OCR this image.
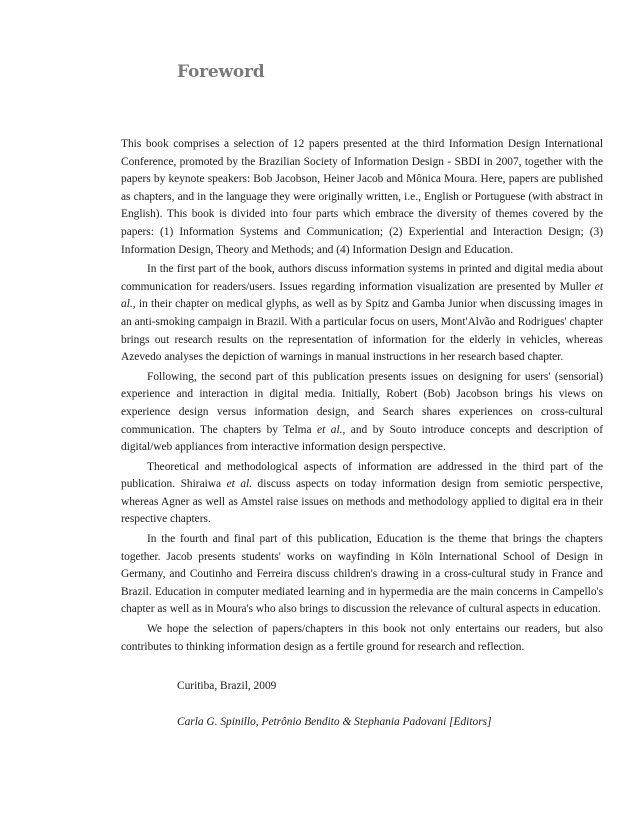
Foreword

This book comprises a selection of 12 papers presented at the third Information Design International Conference, promoted by the Brazilian Society of Information Design - SBDI in 2007, together with the papers by keynote speakers: Bob Jacobson, Heiner Jacob and Mônica Moura. Here, papers are published as chapters, and in the language they were originally written, i.e., English or Portuguese (with abstract in English). This book is divided into four parts which embrace the diversity of themes covered by the papers: (1) Information Systems and Communication; (2) Experiential and Interaction Design; (3) Information Design, Theory and Methods; and (4) Information Design and Education.

In the first part of the book, authors discuss information systems in printed and digital media about communication for readers/users. Issues regarding information visualization are presented by Muller et al., in their chapter on medical glyphs, as well as by Spitz and Gamba Junior when discussing images in an anti-smoking campaign in Brazil. With a particular focus on users, Mont'Alvão and Rodrigues' chapter brings out research results on the representation of information for the elderly in vehicles, whereas Azevedo analyses the depiction of warnings in manual instructions in her research based chapter.

Following, the second part of this publication presents issues on designing for users' (sensorial) experience and interaction in digital media. Initially, Robert (Bob) Jacobson brings his views on experience design versus information design, and Search shares experiences on cross-cultural communication. The chapters by Telma et al., and by Souto introduce concepts and description of digital/web appliances from interactive information design perspective.

Theoretical and methodological aspects of information are addressed in the third part of the publication. Shiraiwa et al. discuss aspects on today information design from semiotic perspective, whereas Agner as well as Amstel raise issues on methods and methodology applied to digital era in their respective chapters.

In the fourth and final part of this publication, Education is the theme that brings the chapters together. Jacob presents students' works on wayfinding in Köln International School of Design in Germany, and Coutinho and Ferreira discuss children's drawing in a cross-cultural study in France and Brazil. Education in computer mediated learning and in hypermedia are the main concerns in Campello's chapter as well as in Moura's who also brings to discussion the relevance of cultural aspects in education.

We hope the selection of papers/chapters in this book not only entertains our readers, but also contributes to thinking information design as a fertile ground for research and reflection.

Curitiba, Brazil, 2009
Carla G. Spinillo, Petrônio Bendito & Stephania Padovani [Editors]
